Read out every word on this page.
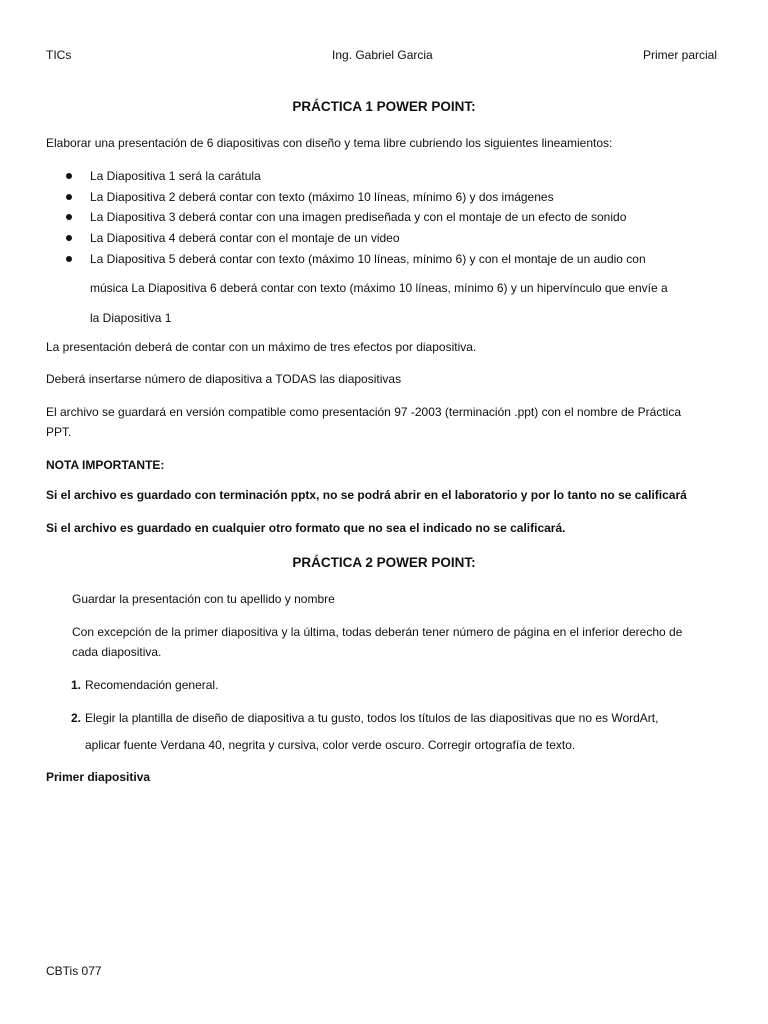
TICs	Ing. Gabriel Garcia	Primer parcial
PRÁCTICA 1 POWER POINT:
Elaborar una presentación de 6 diapositivas con diseño y tema libre cubriendo los siguientes lineamientos:
La Diapositiva 1 será la carátula
La Diapositiva 2 deberá contar con texto (máximo 10 líneas, mínimo 6) y dos imágenes
La Diapositiva 3 deberá contar con una imagen prediseñada y con el montaje de un efecto de sonido
La Diapositiva 4 deberá contar con el montaje de un video
La Diapositiva 5 deberá contar con texto (máximo 10 líneas, mínimo 6) y con el montaje de un audio con
música La Diapositiva 6 deberá contar con texto (máximo 10 líneas, mínimo 6) y un hipervínculo que envíe a
la Diapositiva 1
La presentación deberá de contar con un máximo de tres efectos por diapositiva.
Deberá insertarse número de diapositiva a TODAS las diapositivas
El archivo se guardará en versión compatible como presentación 97 -2003 (terminación .ppt) con el nombre de Práctica
PPT.
NOTA IMPORTANTE:
Si el archivo es guardado con terminación pptx, no se podrá abrir en el laboratorio y por lo tanto no se calificará
Si el archivo es guardado en cualquier otro formato que no sea el indicado no se calificará.
PRÁCTICA 2 POWER POINT:
Guardar la presentación con tu apellido y nombre
Con excepción de la primer diapositiva y la última, todas deberán tener número de página en el inferior derecho de
cada diapositiva.
1. Recomendación general.
2. Elegir la plantilla de diseño de diapositiva a tu gusto, todos los títulos de las diapositivas que no es WordArt,
aplicar fuente Verdana 40, negrita y cursiva, color verde oscuro. Corregir ortografía de texto.
Primer diapositiva
CBTis 077
